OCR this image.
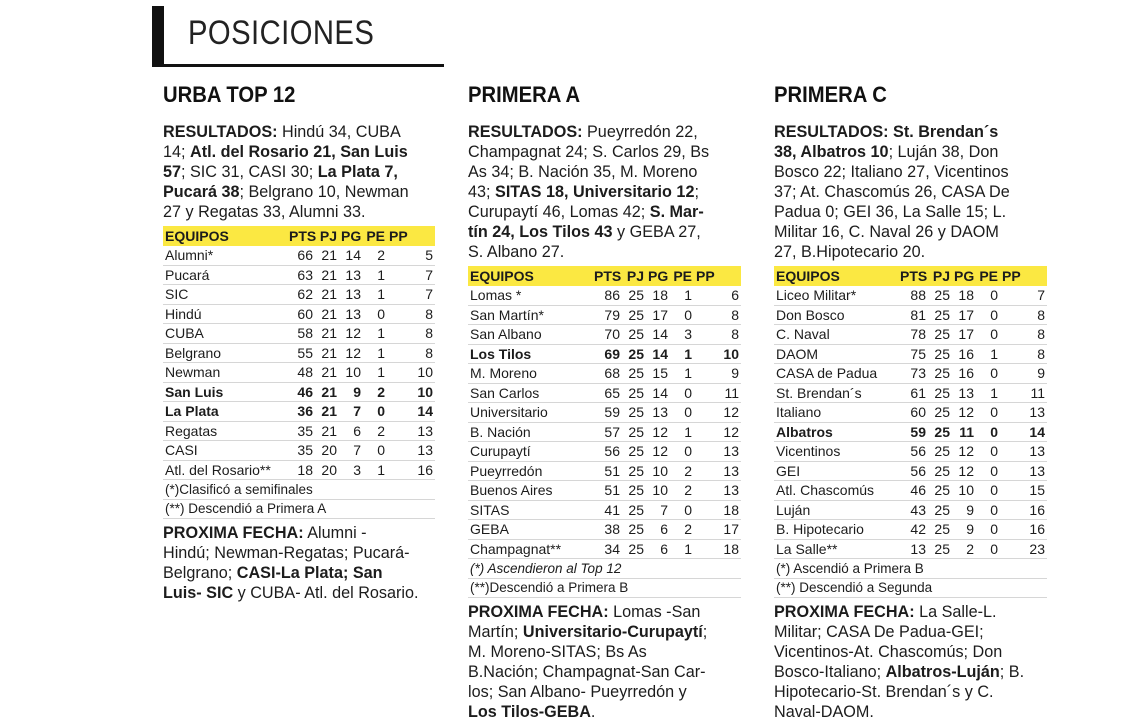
POSICIONES
URBA TOP 12
RESULTADOS: Hindú 34, CUBA
14; Atl. del Rosario 21, San Luis
57; SIC 31, CASI 30; La Plata 7,
Pucará 38; Belgrano 10, Newman
27 y Regatas 33, Alumni 33.
EQUIPOS	PTS	PJ	PG	PE	PP
Alumni*	66	21	14	2	5
Pucará	63	21	13	1	7
SIC	62	21	13	1	7
Hindú	60	21	13	0	8
CUBA	58	21	12	1	8
Belgrano	55	21	12	1	8
Newman	48	21	10	1	10
San Luis	46	21	9	2	10
La Plata	36	21	7	0	14
Regatas	35	21	6	2	13
CASI	35	20	7	0	13
Atl. del Rosario**	18	20	3	1	16
(*)Clasificó a semifinales					
(**) Descendió a Primera A					
PROXIMA FECHA: Alumni -
Hindú; Newman-Regatas; Pucará-
Belgrano; CASI-La Plata; San
Luis- SIC y CUBA- Atl. del Rosario.
PRIMERA A
RESULTADOS: Pueyrredón 22,
Champagnat 24; S. Carlos 29, Bs
As 34; B. Nación 35, M. Moreno
43; SITAS 18, Universitario 12;
Curupaytí 46, Lomas 42; S. Mar-
tín 24, Los Tilos 43 y GEBA 27,
S. Albano 27.
EQUIPOS	PTS	PJ	PG	PE	PP
Lomas *	86	25	18	1	6
San Martín*	79	25	17	0	8
San Albano	70	25	14	3	8
Los Tilos	69	25	14	1	10
M. Moreno	68	25	15	1	9
San Carlos	65	25	14	0	11
Universitario	59	25	13	0	12
B. Nación	57	25	12	1	12
Curupaytí	56	25	12	0	13
Pueyrredón	51	25	10	2	13
Buenos Aires	51	25	10	2	13
SITAS	41	25	7	0	18
GEBA	38	25	6	2	17
Champagnat**	34	25	6	1	18
(*) Ascendieron al Top 12					
(**)Descendió a Primera B					
PROXIMA FECHA: Lomas -San
Martín; Universitario-Curupaytí;
M. Moreno-SITAS; Bs As
B.Nación; Champagnat-San Car-
los; San Albano- Pueyrredón y
Los Tilos-GEBA.
PRIMERA C
RESULTADOS: St. Brendan´s
38, Albatros 10; Luján 38, Don
Bosco 22; Italiano 27, Vicentinos
37; At. Chascomús 26, CASA De
Padua 0; GEI 36, La Salle 15; L.
Militar 16, C. Naval 26 y DAOM
27, B.Hipotecario 20.
EQUIPOS	PTS	PJ	PG	PE	PP
Liceo Militar*	88	25	18	0	7
Don Bosco	81	25	17	0	8
C. Naval	78	25	17	0	8
DAOM	75	25	16	1	8
CASA de Padua	73	25	16	0	9
St. Brendan´s	61	25	13	1	11
Italiano	60	25	12	0	13
Albatros	59	25	11	0	14
Vicentinos	56	25	12	0	13
GEI	56	25	12	0	13
Atl. Chascomús	46	25	10	0	15
Luján	43	25	9	0	16
B. Hipotecario	42	25	9	0	16
La Salle**	13	25	2	0	23
(*) Ascendió a Primera B					
(**) Descendió a Segunda					
PROXIMA FECHA: La Salle-L.
Militar; CASA De Padua-GEI;
Vicentinos-At. Chascomús; Don
Bosco-Italiano; Albatros-Luján; B.
Hipotecario-St. Brendan´s y C.
Naval-DAOM.
